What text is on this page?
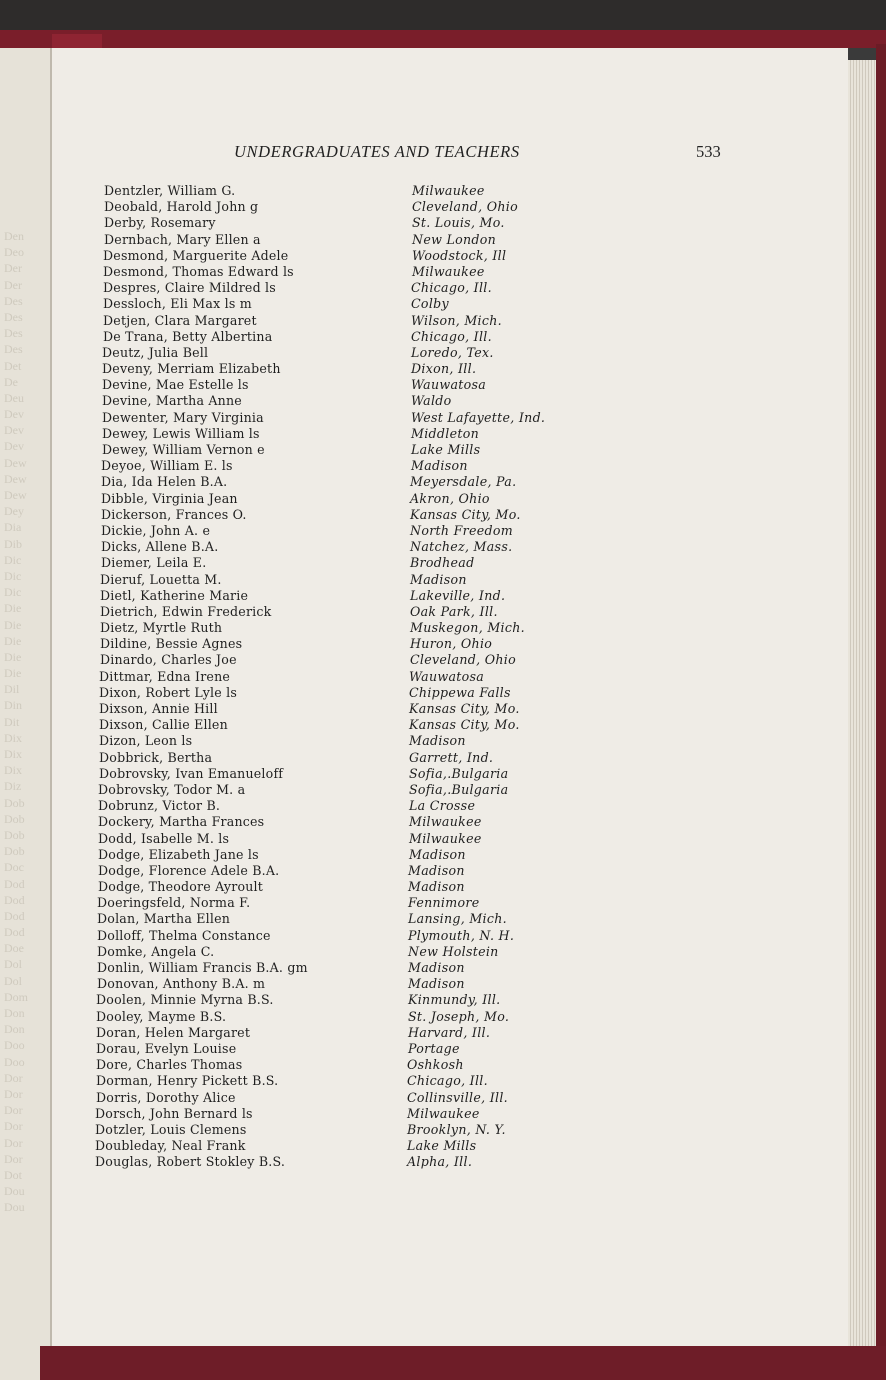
Den
Deo
Der
Der
Des
Des
Des
Des
Det
De
Deu
Dev
Dev
Dev
Dew
Dew
Dew
Dey
Dia
Dib
Dic
Dic
Dic
Die
Die
Die
Die
Die
Dil
Din
Dit
Dix
Dix
Dix
Diz
Dob
Dob
Dob
Dob
Doc
Dod
Dod
Dod
Dod
Doe
Dol
Dol
Dom
Don
Don
Doo
Doo
Dor
Dor
Dor
Dor
Dor
Dor
Dot
Dou
Dou
UNDERGRADUATES AND TEACHERS	533
Dentzler, William G.	Milwaukee
Deobald, Harold John g	Cleveland, Ohio
Derby, Rosemary	St. Louis, Mo.
Dernbach, Mary Ellen a	New London
Desmond, Marguerite Adele	Woodstock, Ill
Desmond, Thomas Edward ls	Milwaukee
Despres, Claire Mildred ls	Chicago, Ill.
Dessloch, Eli Max ls m	Colby
Detjen, Clara Margaret	Wilson, Mich.
De Trana, Betty Albertina	Chicago, Ill.
Deutz, Julia Bell	Loredo, Tex.
Deveny, Merriam Elizabeth	Dixon, Ill.
Devine, Mae Estelle ls	Wauwatosa
Devine, Martha Anne	Waldo
Dewenter, Mary Virginia	West Lafayette, Ind.
Dewey, Lewis William ls	Middleton
Dewey, William Vernon e	Lake Mills
Deyoe, William E. ls	Madison
Dia, Ida Helen B.A.	Meyersdale, Pa.
Dibble, Virginia Jean	Akron, Ohio
Dickerson, Frances O.	Kansas City, Mo.
Dickie, John A. e	North Freedom
Dicks, Allene B.A.	Natchez, Mass.
Diemer, Leila E.	Brodhead
Dieruf, Louetta M.	Madison
Dietl, Katherine Marie	Lakeville, Ind.
Dietrich, Edwin Frederick	Oak Park, Ill.
Dietz, Myrtle Ruth	Muskegon, Mich.
Dildine, Bessie Agnes	Huron, Ohio
Dinardo, Charles Joe	Cleveland, Ohio
Dittmar, Edna Irene	Wauwatosa
Dixon, Robert Lyle ls	Chippewa Falls
Dixson, Annie Hill	Kansas City, Mo.
Dixson, Callie Ellen	Kansas City, Mo.
Dizon, Leon ls	Madison
Dobbrick, Bertha	Garrett, Ind.
Dobrovsky, Ivan Emanueloff	Sofia,.Bulgaria
Dobrovsky, Todor M. a	Sofia,.Bulgaria
Dobrunz, Victor B.	La Crosse
Dockery, Martha Frances	Milwaukee
Dodd, Isabelle M. ls	Milwaukee
Dodge, Elizabeth Jane ls	Madison
Dodge, Florence Adele B.A.	Madison
Dodge, Theodore Ayroult	Madison
Doeringsfeld, Norma F.	Fennimore
Dolan, Martha Ellen	Lansing, Mich.
Dolloff, Thelma Constance	Plymouth, N. H.
Domke, Angela C.	New Holstein
Donlin, William Francis B.A. gm	Madison
Donovan, Anthony B.A. m	Madison
Doolen, Minnie Myrna B.S.	Kinmundy, Ill.
Dooley, Mayme B.S.	St. Joseph, Mo.
Doran, Helen Margaret	Harvard, Ill.
Dorau, Evelyn Louise	Portage
Dore, Charles Thomas	Oshkosh
Dorman, Henry Pickett B.S.	Chicago, Ill.
Dorris, Dorothy Alice	Collinsville, Ill.
Dorsch, John Bernard ls	Milwaukee
Dotzler, Louis Clemens	Brooklyn, N. Y.
Doubleday, Neal Frank	Lake Mills
Douglas, Robert Stokley B.S.	Alpha, Ill.
